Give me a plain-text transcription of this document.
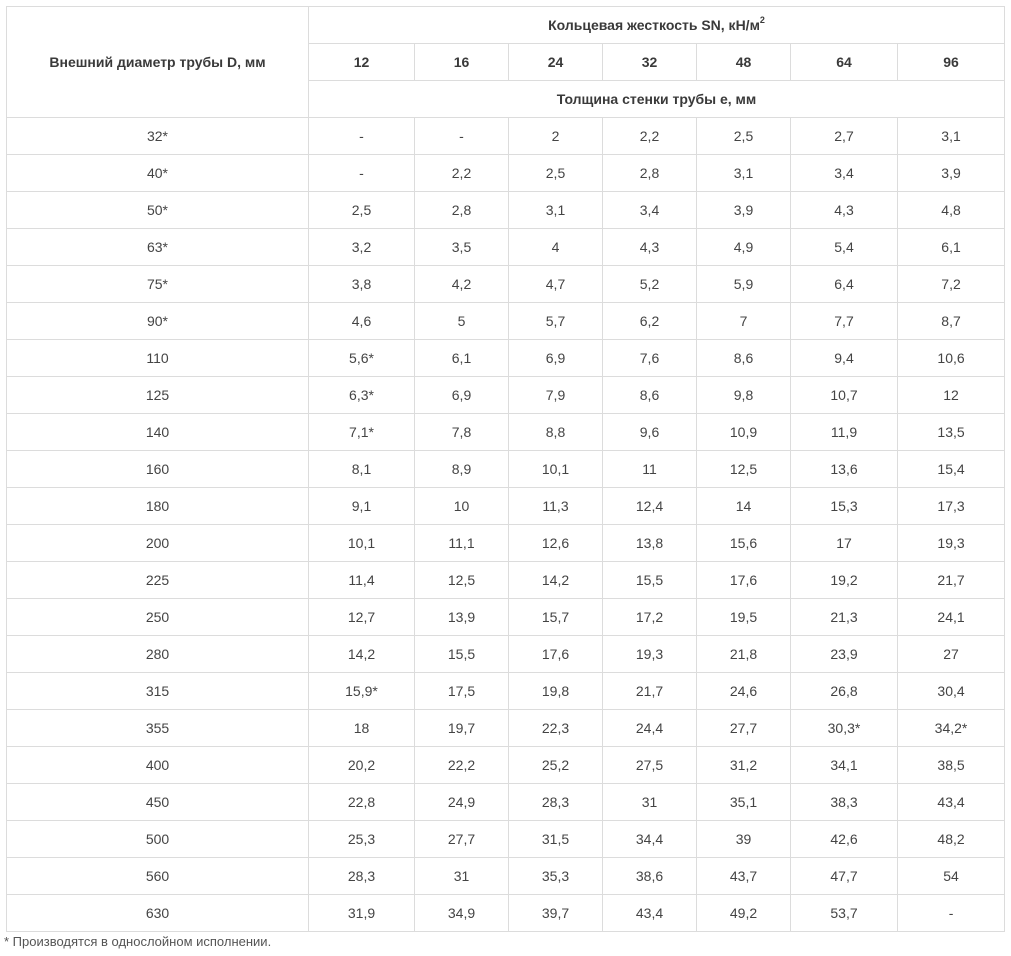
Внешний диаметр трубы D, мм	Кольцевая жесткость SN, $кН/м^2$
	12	16	24	32	48	64	96
	Толщина стенки трубы е, мм						
32*	-	-	2	2,2	2,5	2,7	3,1
40*	-	2,2	2,5	2,8	3,1	3,4	3,9
50*	2,5	2,8	3,1	3,4	3,9	4,3	4,8
63*	3,2	3,5	4	4,3	4,9	5,4	6,1
75*	3,8	4,2	4,7	5,2	5,9	6,4	7,2
90*	4,6	5	5,7	6,2	7	7,7	8,7
110	5,6*	6,1	6,9	7,6	8,6	9,4	10,6
125	6,3*	6,9	7,9	8,6	9,8	10,7	12
140	7,1*	7,8	8,8	9,6	10,9	11,9	13,5
160	8,1	8,9	10,1	11	12,5	13,6	15,4
180	9,1	10	11,3	12,4	14	15,3	17,3
200	10,1	11,1	12,6	13,8	15,6	17	19,3
225	11,4	12,5	14,2	15,5	17,6	19,2	21,7
250	12,7	13,9	15,7	17,2	19,5	21,3	24,1
280	14,2	15,5	17,6	19,3	21,8	23,9	27
315	15,9*	17,5	19,8	21,7	24,6	26,8	30,4
355	18	19,7	22,3	24,4	27,7	30,3*	34,2*
400	20,2	22,2	25,2	27,5	31,2	34,1	38,5
450	22,8	24,9	28,3	31	35,1	38,3	43,4
500	25,3	27,7	31,5	34,4	39	42,6	48,2
560	28,3	31	35,3	38,6	43,7	47,7	54
630	31,9	34,9	39,7	43,4	49,2	53,7	-
* Производятся в однослойном исполнении.
